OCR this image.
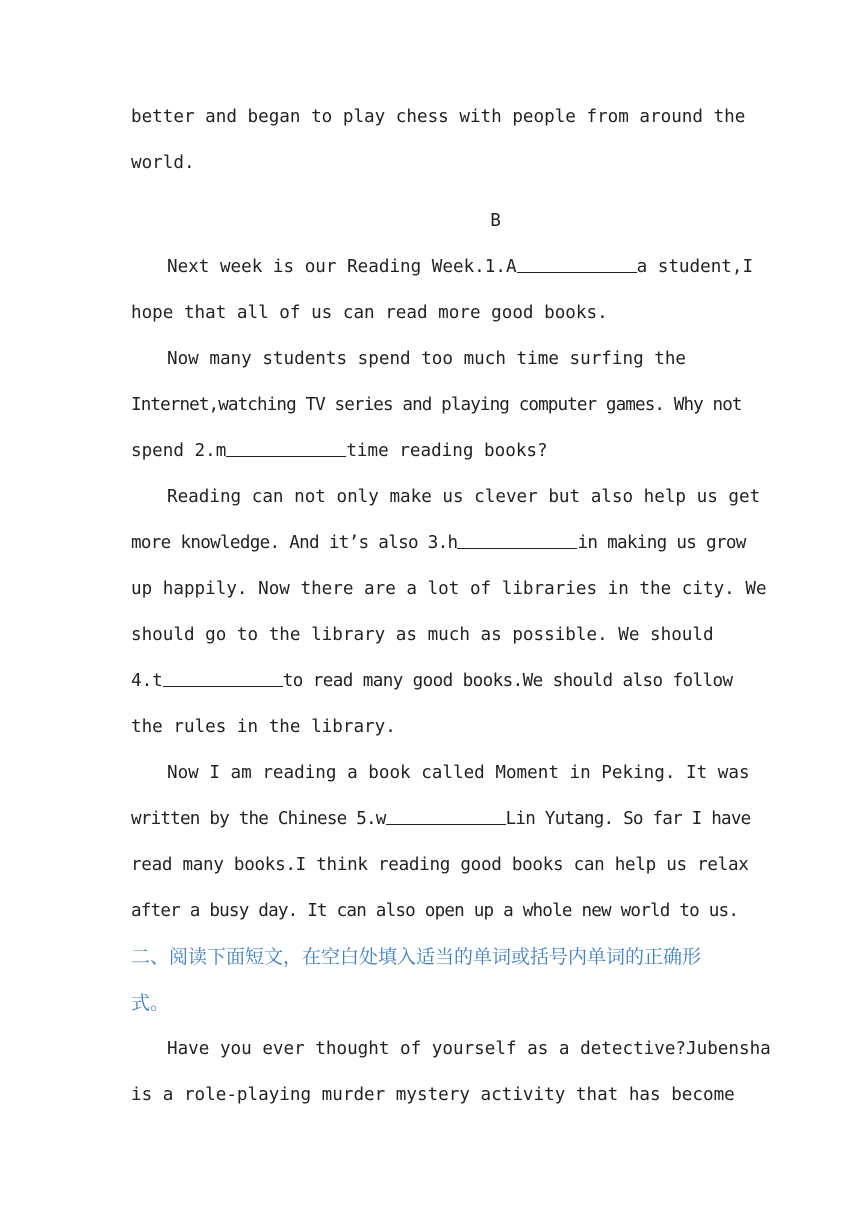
better and began to play chess with people from around the
world.
B
Next week is our Reading Week.1.A	a student,I
hope that all of us can read more good books.
Now many students spend too much time surfing the
Internet,watching TV series and playing computer games. Why not
spend 2.m	time reading books?
Reading can not only make us clever but also help us get
more knowledge. And it’s also 3.h	in making us grow
up happily. Now there are a lot of libraries in the city. We
should go to the library as much as possible. We should
4.t	to read many good books.We should also follow
the rules in the library.
Now I am reading a book called Moment in Peking. It was
written by the Chinese 5.w	Lin Yutang. So far I have
read many books.I think reading good books can help us relax
after a busy day. It can also open up a whole new world to us.
二、阅读下面短文，在空白处填入适当的单词或括号内单词的正确形
式。
Have you ever thought of yourself as a detective?Jubensha
is a role-playing murder mystery activity that has become
